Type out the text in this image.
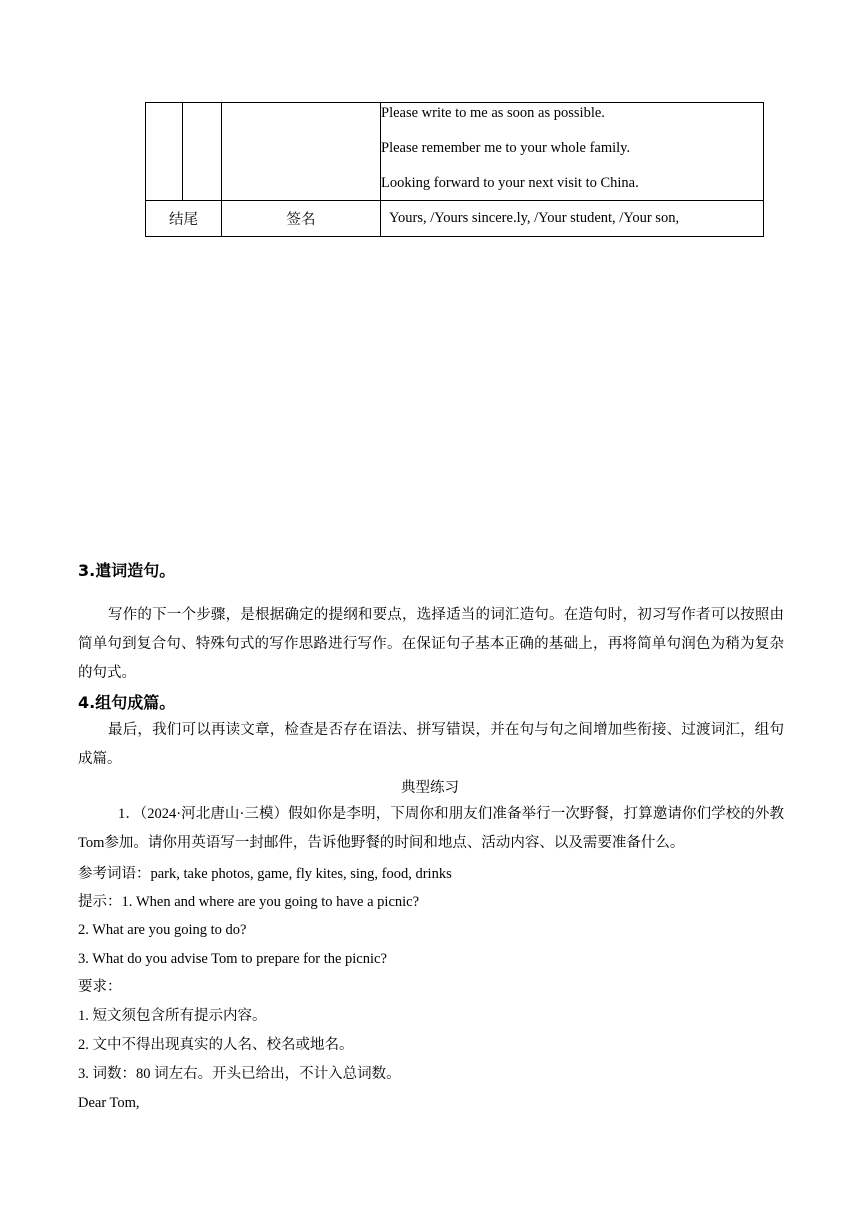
			Please write to me as soon as possible.

Please remember me to your whole family.

Looking forward to your next visit to China.

结尾		签名	Yours, /Yours sincere.ly, /Your student, /Your son,
3.遣词造句。

写作的下一个步骤，是根据确定的提纲和要点，选择适当的词汇造句。在造句时，初习写作者可以按照由简单句到复合句、特殊句式的写作思路进行写作。在保证句子基本正确的基础上，再将简单句润色为稍为复杂的句式。

4.组句成篇。

最后，我们可以再读文章，检查是否存在语法、拼写错误，并在句与句之间增加些衔接、过渡词汇，组句成篇。

典型练习

1．（2024·河北唐山·三模）假如你是李明，下周你和朋友们准备举行一次野餐，打算邀请你们学校的外教Tom参加。请你用英语写一封邮件，告诉他野餐的时间和地点、活动内容、以及需要准备什么。

参考词语：park, take photos, game, fly kites, sing, food, drinks
提示：1. When and where are you going to have a picnic?
2. What are you going to do?
3. What do you advise Tom to prepare for the picnic?
要求：
1. 短文须包含所有提示内容。
2. 文中不得出现真实的人名、校名或地名。
3. 词数：80 词左右。开头已给出，不计入总词数。
Dear Tom,
